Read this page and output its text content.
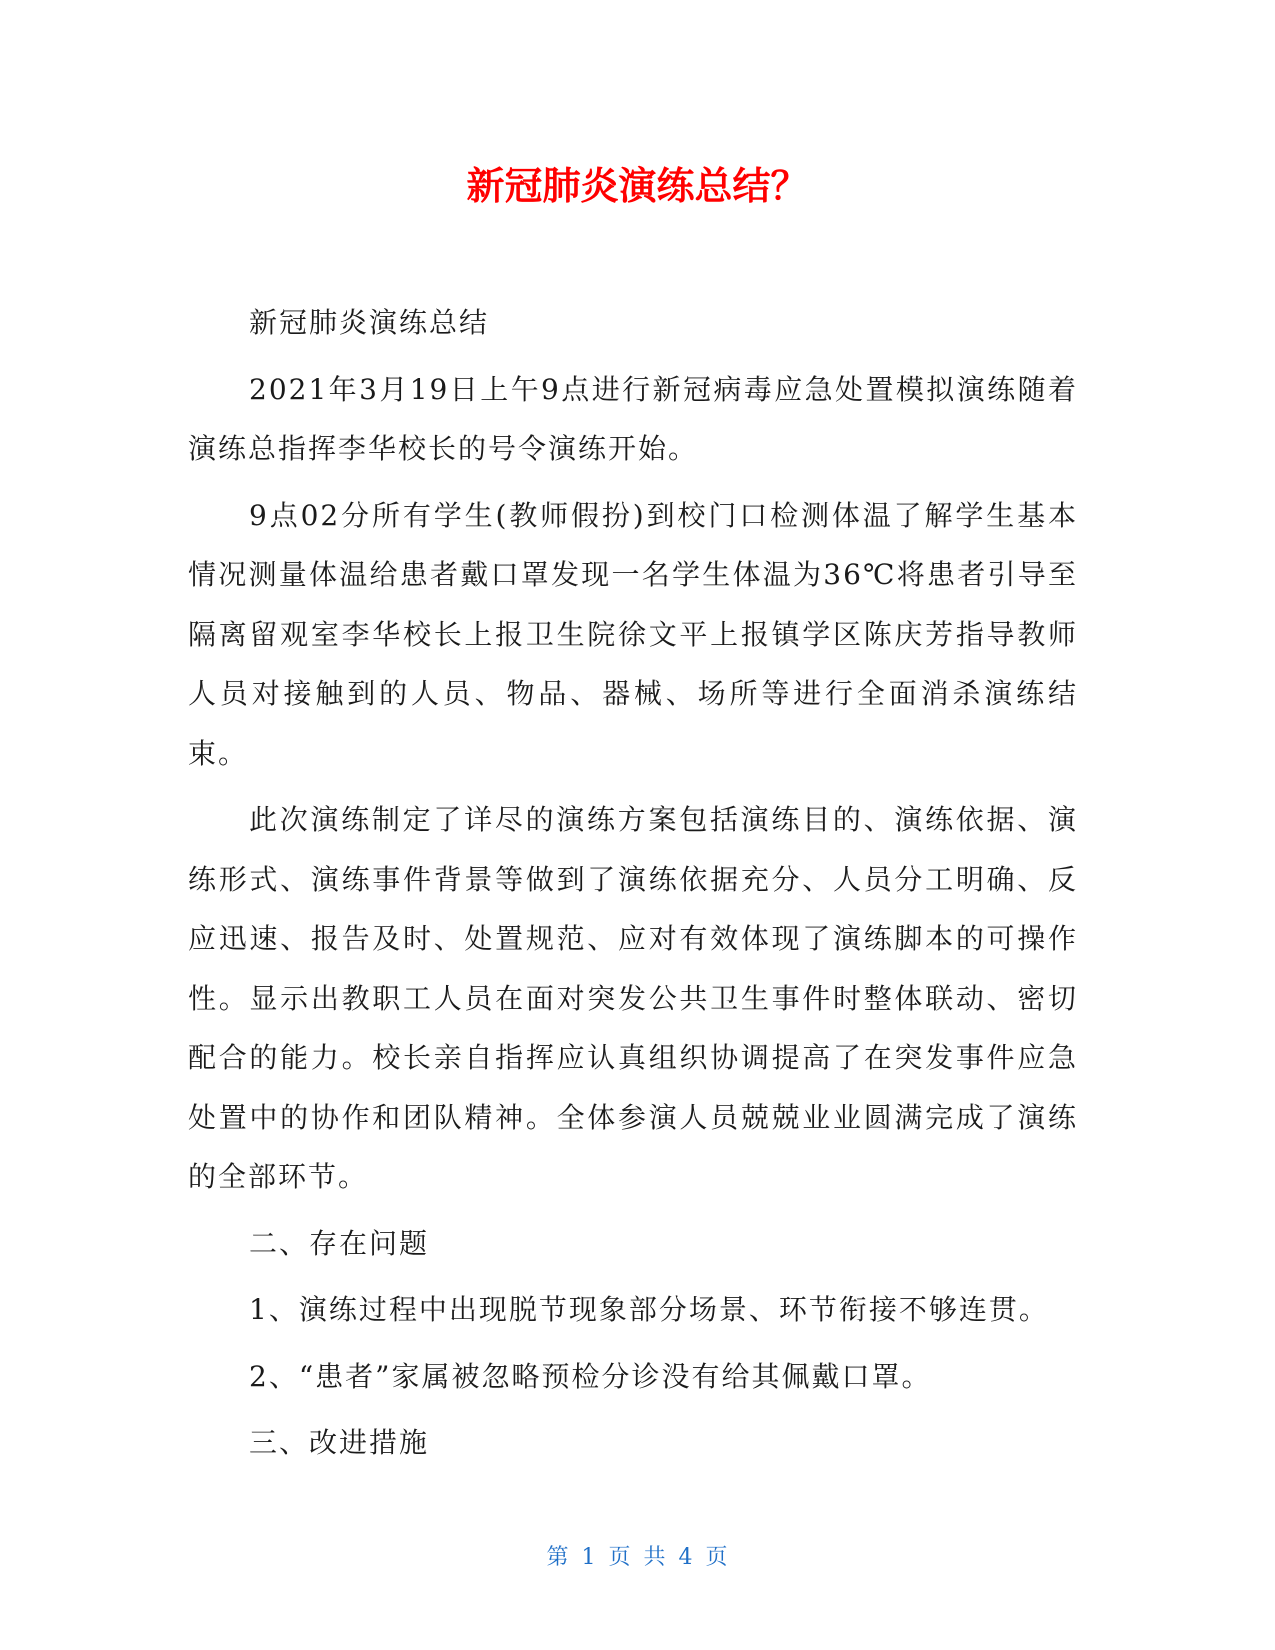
新冠肺炎演练总结？

新冠肺炎演练总结

2021年3月19日上午9点进行新冠病毒应急处置模拟演练随着演练总指挥李华校长的号令演练开始。

9点02分所有学生(教师假扮)到校门口检测体温了解学生基本情况测量体温给患者戴口罩发现一名学生体温为36℃将患者引导至隔离留观室李华校长上报卫生院徐文平上报镇学区陈庆芳指导教师人员对接触到的人员、物品、器械、场所等进行全面消杀演练结束。

此次演练制定了详尽的演练方案包括演练目的、演练依据、演练形式、演练事件背景等做到了演练依据充分、人员分工明确、反应迅速、报告及时、处置规范、应对有效体现了演练脚本的可操作性。显示出教职工人员在面对突发公共卫生事件时整体联动、密切配合的能力。校长亲自指挥应认真组织协调提高了在突发事件应急处置中的协作和团队精神。全体参演人员兢兢业业圆满完成了演练的全部环节。

二、存在问题

1、演练过程中出现脱节现象部分场景、环节衔接不够连贯。

2、“患者”家属被忽略预检分诊没有给其佩戴口罩。

三、改进措施

第 1 页 共 4 页
